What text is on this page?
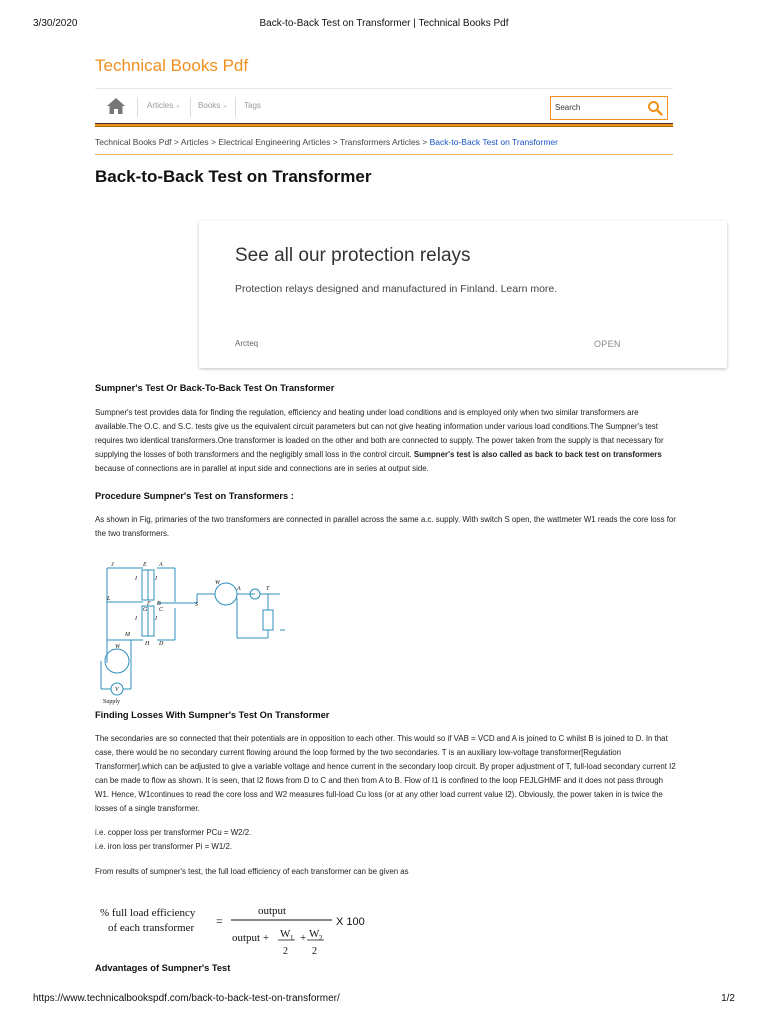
3/30/2020	Back-to-Back Test on Transformer | Technical Books Pdf
Technical Books Pdf
Articles » Books » Tags
Search
Technical Books Pdf > Articles > Electrical Engineering Articles > Transformers Articles > Back-to-Back Test on Transformer
Back-to-Back Test on Transformer
See all our protection relays
Protection relays designed and manufactured in Finland. Learn more.
Arcteq	OPEN
Sumpner's Test Or Back-To-Back Test On Transformer
Sumpner's test provides data for finding the regulation, efficiency and heating under load conditions and is employed only when two similar transformers are available.The O.C. and S.C. tests give us the equivalent circuit parameters but can not give heating information under various load conditions.The Sumpner's test requires two identical transformers.One transformer is loaded on the other and both are connected to supply. The power taken from the supply is that necessary for supplying the losses of both transformers and the negligibly small loss in the control circuit. Sumpner's test is also called as back to back test on transformers because of connections are in parallel at input side and connections are in series at output side.
Procedure Sumpner's Test on Transformers :
As shown in Fig, primaries of the two transformers are connected in parallel across the same a.c. supply. With switch S open, the wattmeter W1 reads the core loss for the two transformers.
J	E A
L
F B
G C
H D
M
S
T
W
A
W
V
I	I
I	I
Supply
Finding Losses With Sumpner's Test On Transformer
The secondaries are so connected that their potentials are in opposition to each other. This would so if VAB = VCD and A is joined to C whilst B is joined to D. In that case, there would be no secondary current flowing around the loop formed by the two secondaries. T is an auxiliary low-voltage transformer[Regulation Transformer].which can be adjusted to give a variable voltage and hence current in the secondary loop circuit. By proper adjustment of T, full-load secondary current I2 can be made to flow as shown. It is seen, that I2 flows from D to C and then from A to B. Flow of I1 is confined to the loop FEJLGHMF and it does not pass through W1. Hence, W1continues to read the core loss and W2 measures full-load Cu loss (or at any other load current value I2). Obviously, the power taken in is twice the losses of a single transformer.
i.e. copper loss per transformer PCu = W2/2.
i.e. iron loss per transformer Pi = W1/2.
From results of sumpner's test, the full load efficiency of each transformer can be given as
% full load efficiency
of each transformer =
output
output + W 1
2
+ W 2
2
X 100
Advantages of Sumpner's Test
https://www.technicalbookspdf.com/back-to-back-test-on-transformer/	1/2
